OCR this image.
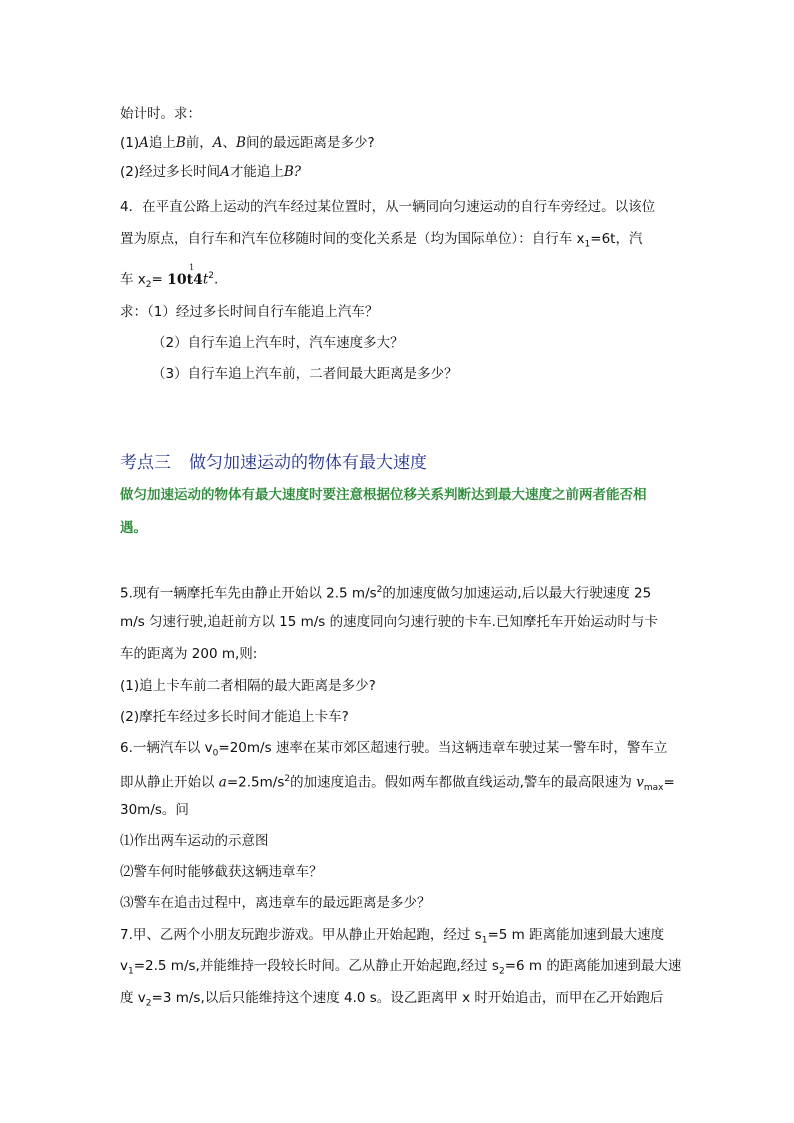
始计时。求：
(1)A追上B前，A、B间的最远距离是多少?
(2)经过多长时间A才能追上B?
4．在平直公路上运动的汽车经过某位置时，从一辆同向匀速运动的自行车旁经过。以该位
置为原点，自行车和汽车位移随时间的变化关系是（均为国际单位）：自行车 $x_1=6t$，汽
车 $x_2=$
1
$10t4t^2$.
求：（1）经过多长时间自行车能追上汽车？
（2）自行车追上汽车时，汽车速度多大？
（3）自行车追上汽车前，二者间最大距离是多少？
考点三 做匀加速运动的物体有最大速度
做匀加速运动的物体有最大速度时要注意根据位移关系判断达到最大速度之前两者能否相
遇。
5.现有一辆摩托车先由静止开始以 2.5 $m/s^2$的加速度做匀加速运动,后以最大行驶速度 25
m/s 匀速行驶,追赶前方以 15 m/s 的速度同向匀速行驶的卡车.已知摩托车开始运动时与卡
车的距离为 200 m,则:
(1)追上卡车前二者相隔的最大距离是多少?
(2)摩托车经过多长时间才能追上卡车?
6.一辆汽车以 $v_0=20m/s$ 速率在某市郊区超速行驶。当这辆违章车驶过某一警车时，警车立
即从静止开始以 $a=2.5m/s^2$的加速度追击。假如两车都做直线运动,警车的最高限速为 $v_{max}=$
30m/s。问
⑴作出两车运动的示意图
⑵警车何时能够截获这辆违章车？
⑶警车在追击过程中，离违章车的最远距离是多少？
7.甲、乙两个小朋友玩跑步游戏。甲从静止开始起跑，经过 $s_1=5$ m 距离能加速到最大速度
$v_1=2.5$ m/s,并能维持一段较长时间。乙从静止开始起跑,经过 $s_2=6$ m 的距离能加速到最大速
度 $v_2=3$ m/s,以后只能维持这个速度 4.0 s。设乙距离甲 x 时开始追击，而甲在乙开始跑后
